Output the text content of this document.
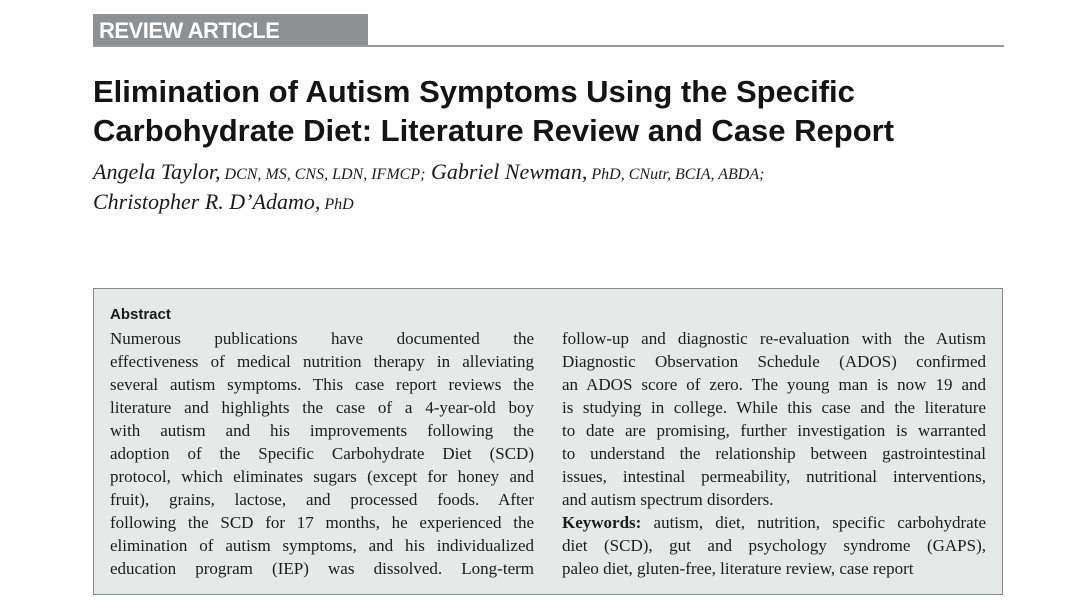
REVIEW ARTICLE
Elimination of Autism Symptoms Using the Specific
Carbohydrate Diet: Literature Review and Case Report
Angela Taylor, DCN, MS, CNS, LDN, IFMCP; Gabriel Newman, PhD, CNutr, BCIA, ABDA;
Christopher R. D’Adamo, PhD
Abstract
Numerous publications have documented the
effectiveness of medical nutrition therapy in alleviating
several autism symptoms. This case report reviews the
literature and highlights the case of a 4-year-old boy
with autism and his improvements following the
adoption of the Specific Carbohydrate Diet (SCD)
protocol, which eliminates sugars (except for honey and
fruit), grains, lactose, and processed foods. After
following the SCD for 17 months, he experienced the
elimination of autism symptoms, and his individualized
education program (IEP) was dissolved. Long-term
follow-up and diagnostic re-evaluation with the Autism
Diagnostic Observation Schedule (ADOS) confirmed
an ADOS score of zero. The young man is now 19 and
is studying in college. While this case and the literature
to date are promising, further investigation is warranted
to understand the relationship between gastrointestinal
issues, intestinal permeability, nutritional interventions,
and autism spectrum disorders.
Keywords: autism, diet, nutrition, specific carbohydrate
diet (SCD), gut and psychology syndrome (GAPS),
paleo diet, gluten-free, literature review, case report
